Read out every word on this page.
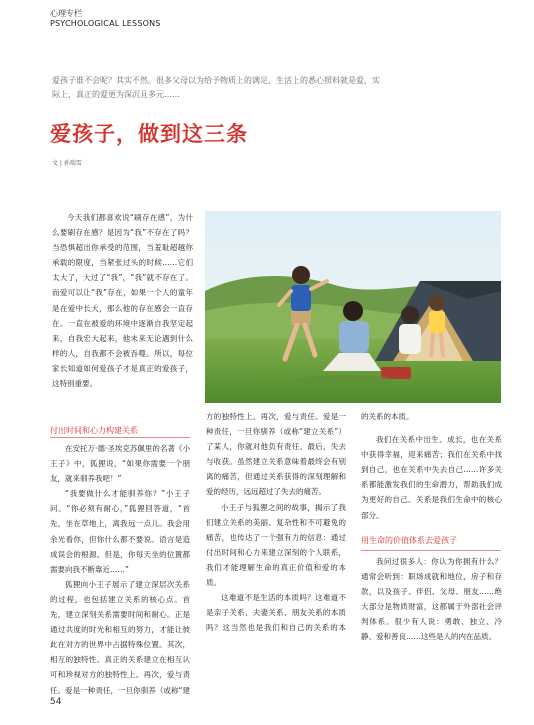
心理专栏
PSYCHOLOGICAL LESSONS
爱孩子谁不会呢？其实不然。很多父母以为给予物质上的满足、生活上的悉心照料就是爱，实际上，真正的爱更为深沉且多元……
爱孩子，做到这三条
文 | 孙瑞雪

今天我们都喜欢说“刷存在感”，为什么要刷存在感？是因为“我”不存在了吗？当恐惧超出你承受的范围，当羞耻超越你承载的限度，当紧张过头的时候……它们太大了，大过了“我”，“我”就不存在了。而爱可以让“我”存在，如果一个人的童年是在爱中长大，那么他的存在感会一直存在。一直在被爱的环境中逐渐自我坚定起来，自我宏大起来，他未来无论遇到什么样的人，自我都不会被吞噬。所以，每位家长知道如何爱孩子才是真正的爱孩子，这特别重要。

付出时间和心力构建关系

在安托万·德·圣埃克苏佩里的名著《小王子》中，狐狸说，“如果你需要一个朋友，就来驯养我吧！”

“我要做什么才能驯养你？”小王子问。“你必须有耐心，”狐狸回答道，“首先，坐在草地上，离我远一点儿。我会用余光看你，但你什么都不要说。语言是造成误会的根源。但是，你每天坐的位置都需要向我不断靠近……”

狐狸向小王子展示了建立深层次关系的过程，也包括建立关系的核心点。首先，建立深刻关系需要时间和耐心。正是通过共度的时光和相互的努力，才能让彼此在对方的世界中占据特殊位置。其次，相互的独特性。真正的关系建立在相互认可和珍视对方的独特性上。再次，爱与责任。爱是一种责任，一旦你驯养（或称“建

方的独特性上。再次，爱与责任。爱是一种责任，一旦你驯养（或称“建立关系”）了某人，你就对他负有责任。最后，失去与收获。虽然建立关系意味着最终会有别离的痛苦，但通过关系获得的深刻理解和爱的经历，远远超过了失去的痛苦。

小王子与狐狸之间的故事，揭示了我们建立关系的美丽、复杂性和不可避免的痛苦，也传达了一个强有力的信息：通过付出时间和心力来建立深刻的个人联系，我们才能理解生命的真正价值和爱的本质。

这难道不是生活的本质吗？这难道不是亲子关系、夫妻关系、朋友关系的本质吗？这当然也是我们和自己的关系的本

的关系的本质。

我们在关系中出生、成长，也在关系中获得幸福，迎来痛苦；我们在关系中找到自己，也在关系中失去自己……许多关系都能激发我们的生命潜力，帮助我们成为更好的自己。关系是我们生命中的核心部分。

用生命的价值体系去爱孩子

我问过很多人：你认为你拥有什么？通常会听到：职场成就和地位，房子和存款，以及孩子、伴侣、父母、朋友……绝大部分是物质财富，这都属于外部社会评判体系。很少有人说：勇敢、独立、冷静、爱和善良……这些是人的内在品质。

54
